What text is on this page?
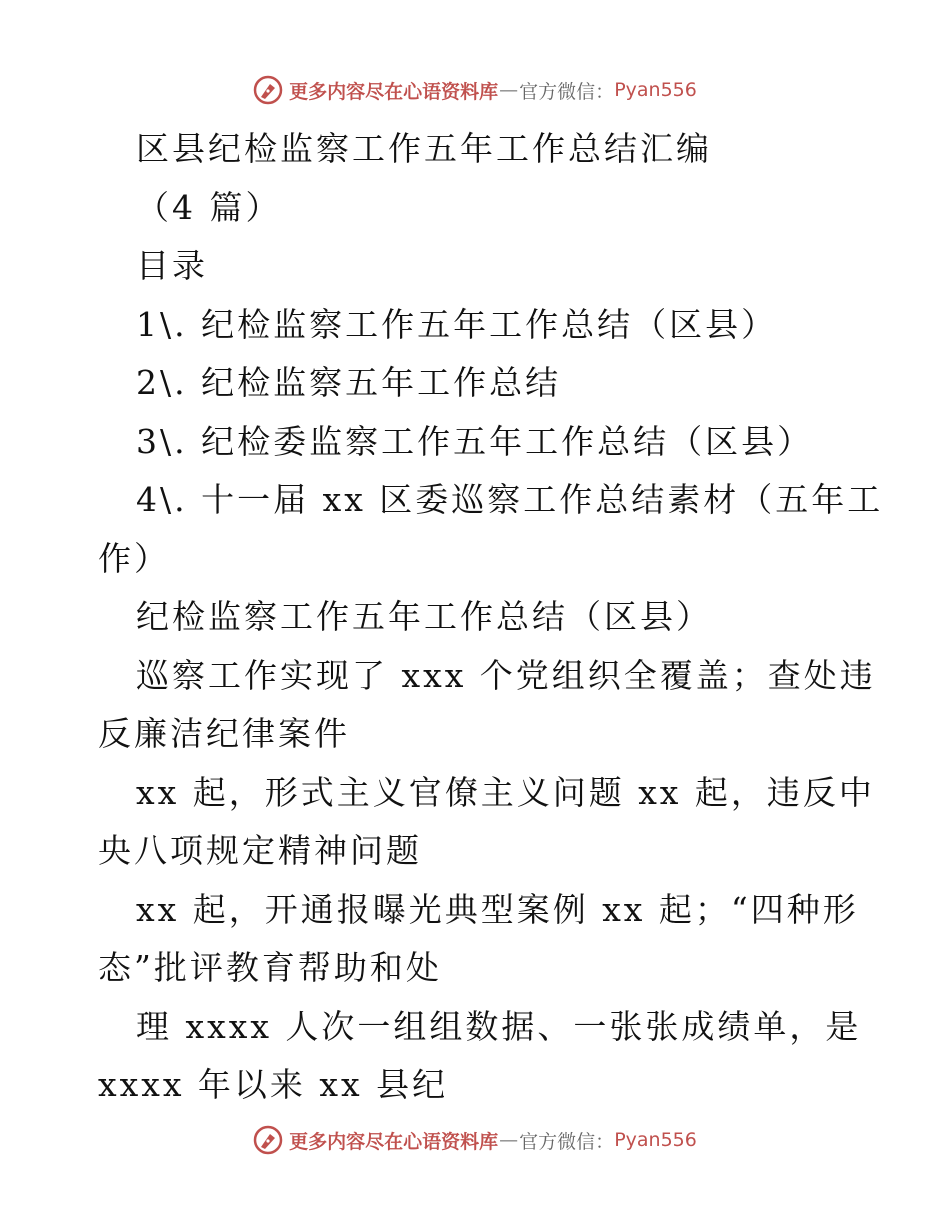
更多内容尽在心语资料库 — 官方微信： Pyan556
区县纪检监察工作五年工作总结汇编
（4 篇）
目录
1\. 纪检监察工作五年工作总结（区县）
2\. 纪检监察五年工作总结
3\. 纪检委监察工作五年工作总结（区县）
4\. 十一届 xx 区委巡察工作总结素材（五年工
作）
纪检监察工作五年工作总结（区县）
巡察工作实现了 xxx 个党组织全覆盖；查处违
反廉洁纪律案件
xx 起，形式主义官僚主义问题 xx 起，违反中
央八项规定精神问题
xx 起，开通报曝光典型案例 xx 起；“四种形
态”批评教育帮助和处
理 xxxx 人次一组组数据、一张张成绩单，是
xxxx 年以来 xx 县纪
更多内容尽在心语资料库 — 官方微信： Pyan556
